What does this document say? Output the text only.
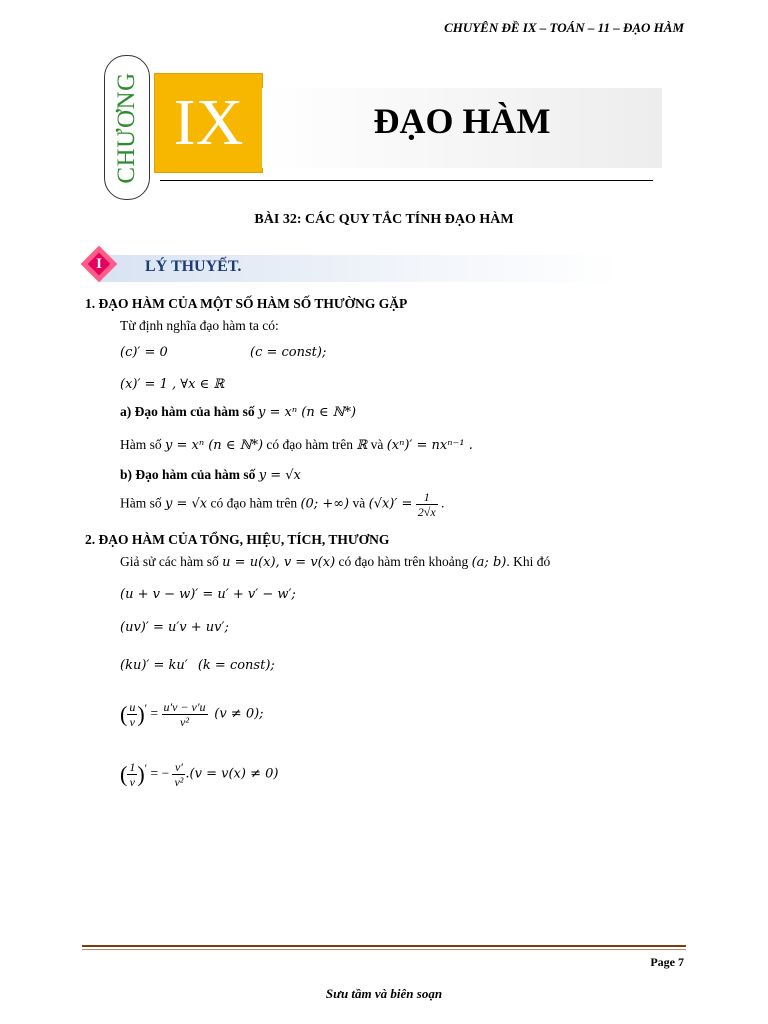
CHUYÊN ĐỀ IX – TOÁN – 11 – ĐẠO HÀM
CHƯƠNG IX	ĐẠO HÀM
BÀI 32: CÁC QUY TẮC TÍNH ĐẠO HÀM
I	LÝ THUYẾT.
1. ĐẠO HÀM CỦA MỘT SỐ HÀM SỐ THƯỜNG GẶP
Từ định nghĩa đạo hàm ta có:
(c)′ = 0	(c = const);
(x)′ = 1 , ∀x ∈ ℝ
a) Đạo hàm của hàm số y = xⁿ (n ∈ ℕ*)
Hàm số y = xⁿ (n ∈ ℕ*) có đạo hàm trên ℝ và (xⁿ)′ = nxⁿ⁻¹ .
b) Đạo hàm của hàm số y = √x
Hàm số y = √x có đạo hàm trên (0; +∞) và $(√x)' = \frac{1}{2√x}$ .
2. ĐẠO HÀM CỦA TỔNG, HIỆU, TÍCH, THƯƠNG
Giả sử các hàm số u = u(x), v = v(x) có đạo hàm trên khoảng (a; b). Khi đó
(u + v − w)′ = u′ + v′ − w′;
(uv)′ = u′v + uv′;
(ku)′ = ku′ (k = const);
( $\frac{u}{v} )' = \frac{u'v - v'u}{\text{v²}} (v \ne 0)$;
( $\frac{1}{v} )'$ = − $\frac{v'}{\text{v²}} .(v = v(x) \ne 0)$
Page 7
Sưu tầm và biên soạn
